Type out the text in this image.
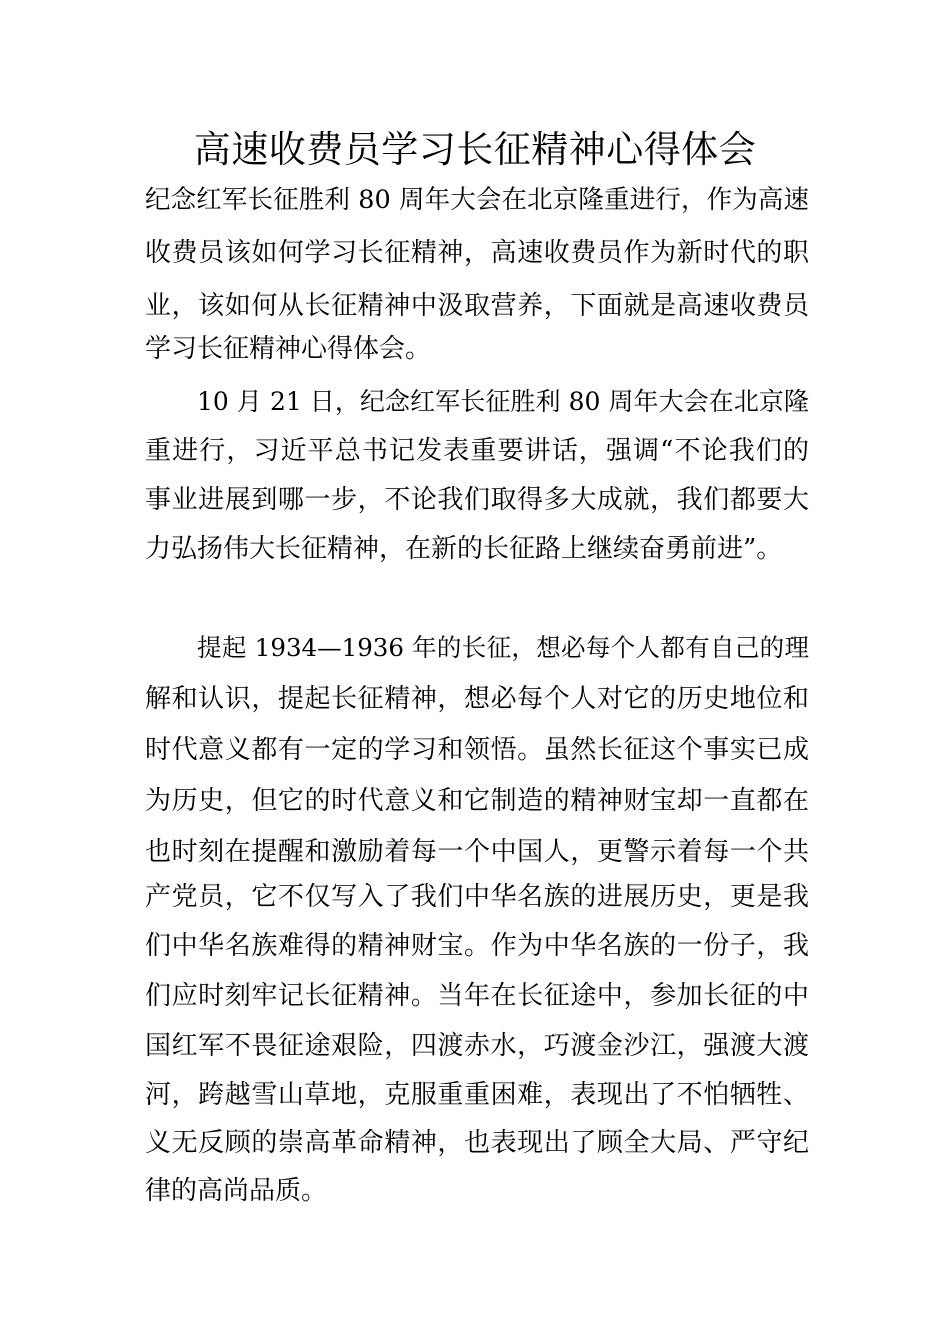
高速收费员学习长征精神心得体会
纪念红军长征胜利 80 周年大会在北京隆重进行，作为高速
收费员该如何学习长征精神，高速收费员作为新时代的职
业，该如何从长征精神中汲取营养，下面就是高速收费员
学习长征精神心得体会。
10 月 21 日，纪念红军长征胜利 80 周年大会在北京隆
重进行，习近平总书记发表重要讲话，强调“不论我们的
事业进展到哪一步，不论我们取得多大成就，我们都要大
力弘扬伟大长征精神，在新的长征路上继续奋勇前进”。
提起 1934—1936 年的长征，想必每个人都有自己的理
解和认识，提起长征精神，想必每个人对它的历史地位和
时代意义都有一定的学习和领悟。虽然长征这个事实已成
为历史，但它的时代意义和它制造的精神财宝却一直都在
也时刻在提醒和激励着每一个中国人，更警示着每一个共
产党员，它不仅写入了我们中华名族的进展历史，更是我
们中华名族难得的精神财宝。作为中华名族的一份子，我
们应时刻牢记长征精神。当年在长征途中，参加长征的中
国红军不畏征途艰险，四渡赤水，巧渡金沙江，强渡大渡
河，跨越雪山草地，克服重重困难，表现出了不怕牺牲、
义无反顾的崇高革命精神，也表现出了顾全大局、严守纪
律的高尚品质。
